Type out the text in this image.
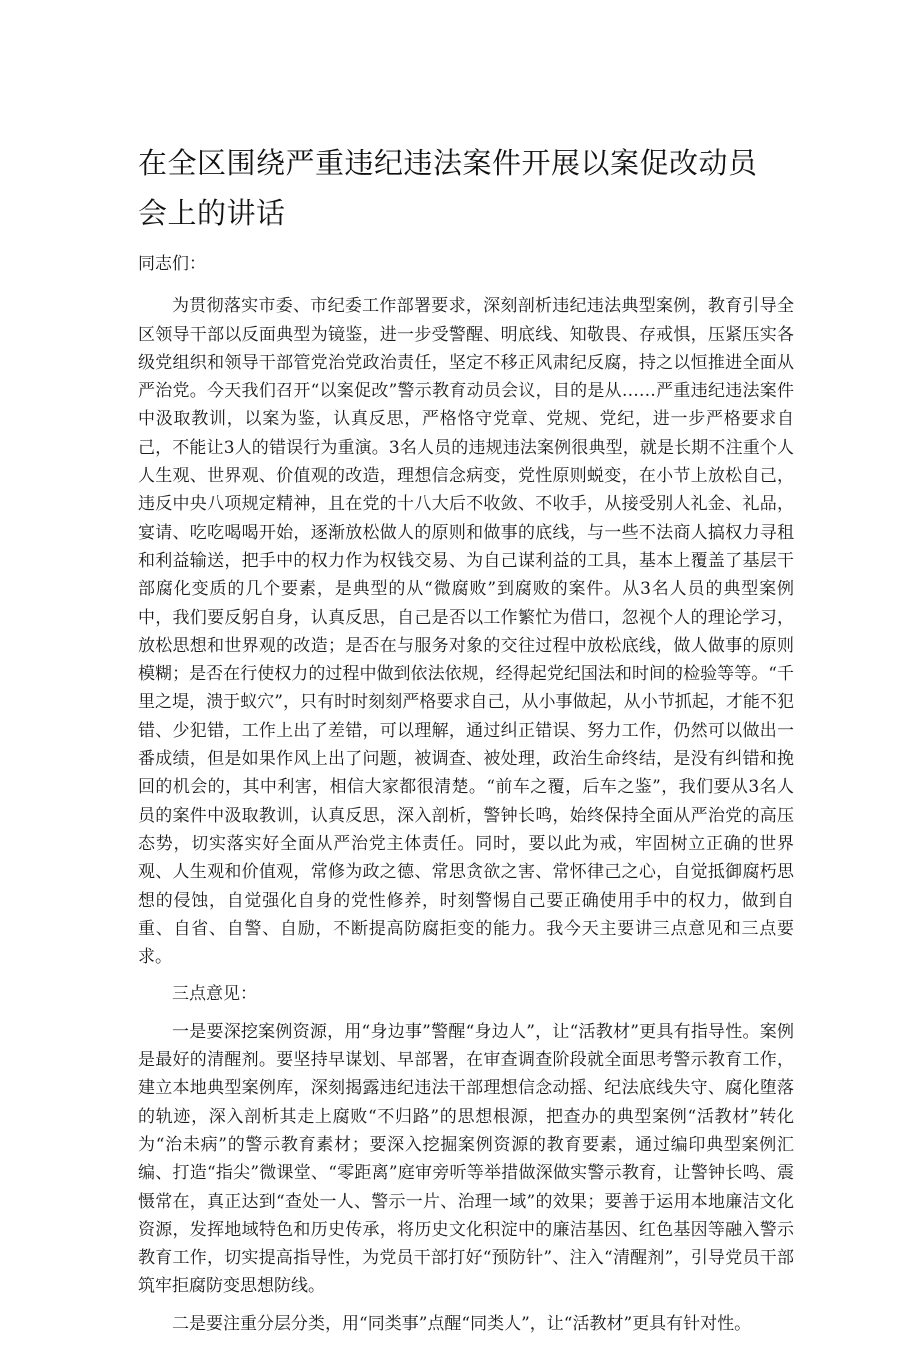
在全区围绕严重违纪违法案件开展以案促改动员会上的讲话

同志们：

为贯彻落实市委、市纪委工作部署要求，深刻剖析违纪违法典型案例，教育引导全区领导干部以反面典型为镜鉴，进一步受警醒、明底线、知敬畏、存戒惧，压紧压实各级党组织和领导干部管党治党政治责任，坚定不移正风肃纪反腐，持之以恒推进全面从严治党。今天我们召开“以案促改”警示教育动员会议，目的是从……严重违纪违法案件中汲取教训，以案为鉴，认真反思，严格恪守党章、党规、党纪，进一步严格要求自己，不能让3人的错误行为重演。3名人员的违规违法案例很典型，就是长期不注重个人人生观、世界观、价值观的改造，理想信念病变，党性原则蜕变，在小节上放松自己，违反中央八项规定精神，且在党的十八大后不收敛、不收手，从接受别人礼金、礼品，宴请、吃吃喝喝开始，逐渐放松做人的原则和做事的底线，与一些不法商人搞权力寻租和利益输送，把手中的权力作为权钱交易、为自己谋利益的工具，基本上覆盖了基层干部腐化变质的几个要素，是典型的从“微腐败”到腐败的案件。从3名人员的典型案例中，我们要反躬自身，认真反思，自己是否以工作繁忙为借口，忽视个人的理论学习，放松思想和世界观的改造；是否在与服务对象的交往过程中放松底线，做人做事的原则模糊；是否在行使权力的过程中做到依法依规，经得起党纪国法和时间的检验等等。“千里之堤，溃于蚁穴”，只有时时刻刻严格要求自己，从小事做起，从小节抓起，才能不犯错、少犯错，工作上出了差错，可以理解，通过纠正错误、努力工作，仍然可以做出一番成绩，但是如果作风上出了问题，被调查、被处理，政治生命终结，是没有纠错和挽回的机会的，其中利害，相信大家都很清楚。“前车之覆，后车之鉴”，我们要从3名人员的案件中汲取教训，认真反思，深入剖析，警钟长鸣，始终保持全面从严治党的高压态势，切实落实好全面从严治党主体责任。同时，要以此为戒，牢固树立正确的世界观、人生观和价值观，常修为政之德、常思贪欲之害、常怀律己之心，自觉抵御腐朽思想的侵蚀，自觉强化自身的党性修养，时刻警惕自己要正确使用手中的权力，做到自重、自省、自警、自励，不断提高防腐拒变的能力。我今天主要讲三点意见和三点要求。

三点意见：

一是要深挖案例资源，用“身边事”警醒“身边人”，让“活教材”更具有指导性。案例是最好的清醒剂。要坚持早谋划、早部署，在审查调查阶段就全面思考警示教育工作，建立本地典型案例库，深刻揭露违纪违法干部理想信念动摇、纪法底线失守、腐化堕落的轨迹，深入剖析其走上腐败“不归路”的思想根源，把查办的典型案例“活教材”转化为“治未病”的警示教育素材；要深入挖掘案例资源的教育要素，通过编印典型案例汇编、打造“指尖”微课堂、“零距离”庭审旁听等举措做深做实警示教育，让警钟长鸣、震慑常在，真正达到“查处一人、警示一片、治理一域”的效果；要善于运用本地廉洁文化资源，发挥地域特色和历史传承，将历史文化积淀中的廉洁基因、红色基因等融入警示教育工作，切实提高指导性，为党员干部打好“预防针”、注入“清醒剂”，引导党员干部筑牢拒腐防变思想防线。

二是要注重分层分类，用“同类事”点醒“同类人”，让“活教材”更具有针对性。
